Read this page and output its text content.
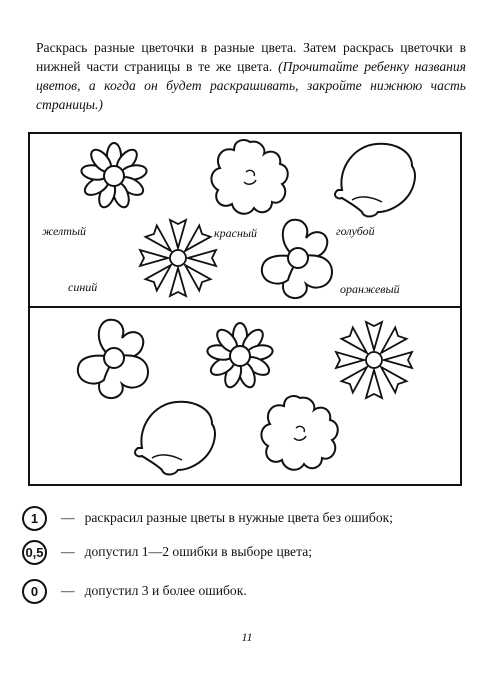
Раскрась разные цветочки в разные цвета. Затем раскрась цветочки в нижней части страницы в те же цвета. (Прочитайте ребенку названия цветов, а когда он будет раскрашивать, закройте нижнюю часть страницы.)
желтый	красный	голубой
синий	оранжевый
1	— раскрасил разные цветы в нужные цвета без ошибок;
0,5 — допустил 1—2 ошибки в выборе цвета;
0	— допустил 3 и более ошибок.
11
